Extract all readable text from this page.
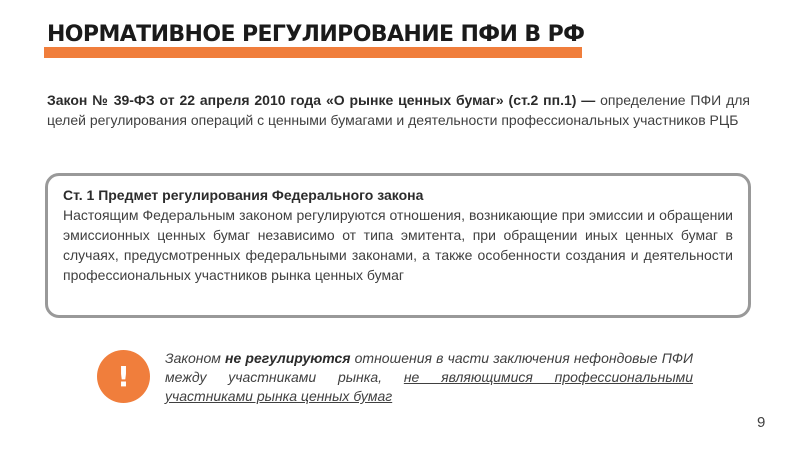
НОРМАТИВНОЕ РЕГУЛИРОВАНИЕ ПФИ В РФ

Закон № 39-ФЗ от 22 апреля 2010 года «О рынке ценных бумаг» (ст.2 пп.1) — определение ПФИ для целей регулирования операций с ценными бумагами и деятельности профессиональных участников РЦБ

Ст. 1 Предмет регулирования Федерального закона

Настоящим Федеральным законом регулируются отношения, возникающие при эмиссии и обращении эмиссионных ценных бумаг независимо от типа эмитента, при обращении иных ценных бумаг в случаях, предусмотренных федеральными законами, а также особенности создания и деятельности профессиональных участников рынка ценных бумаг

!

Законом не регулируются отношения в части заключения нефондовые ПФИ между участниками рынка, не являющимися профессиональными участниками рынка ценных бумаг

9
